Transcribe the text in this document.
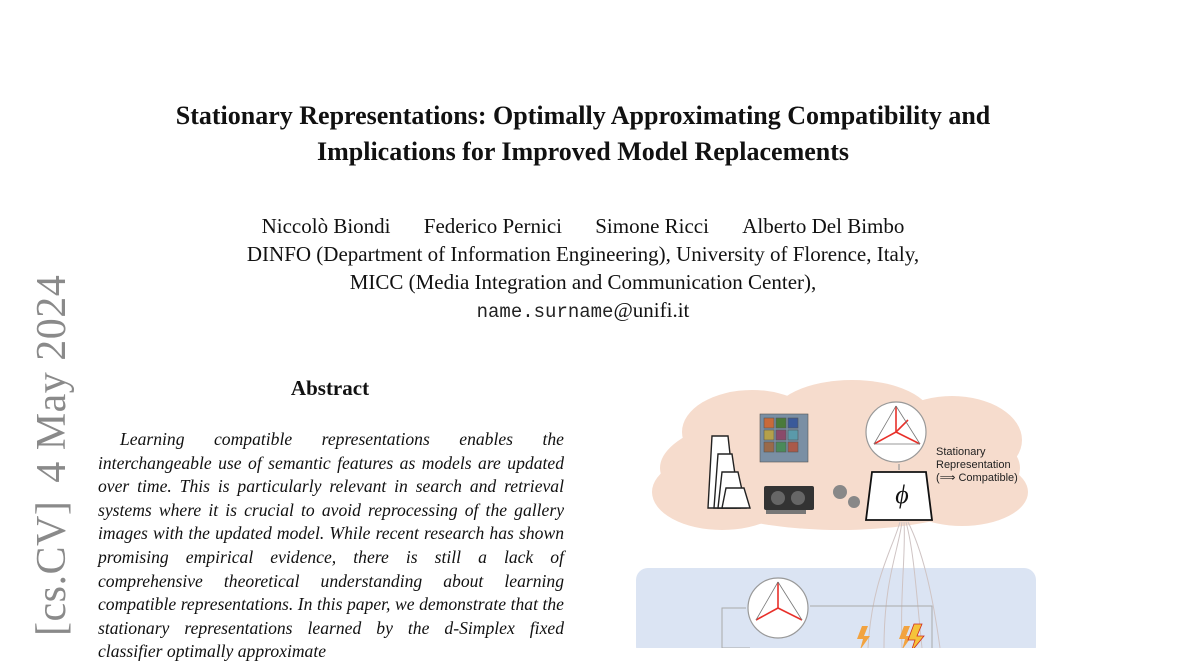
[cs.CV]4 May 2024
Stationary Representations: Optimally Approximating Compatibility and
Implications for Improved Model Replacements
Niccolò Biondi Federico Pernici Simone Ricci Alberto Del Bimbo
DINFO (Department of Information Engineering), University of Florence, Italy,
MICC (Media Integration and Communication Center),
name.surname@unifi.it
Abstract

Learning compatible representations enables the interchangeable use of semantic features as models are updated over time. This is particularly relevant in search and retrieval systems where it is crucial to avoid reprocessing of the gallery images with the updated model. While recent research has shown promising empirical evidence, there is still a lack of comprehensive theoretical understanding about learning compatible representations. In this paper, we demonstrate that the stationary representations learned by the d-Simplex fixed classifier optimally approximate

ϕ
Stationary
Representation
(⟹ Compatible)
